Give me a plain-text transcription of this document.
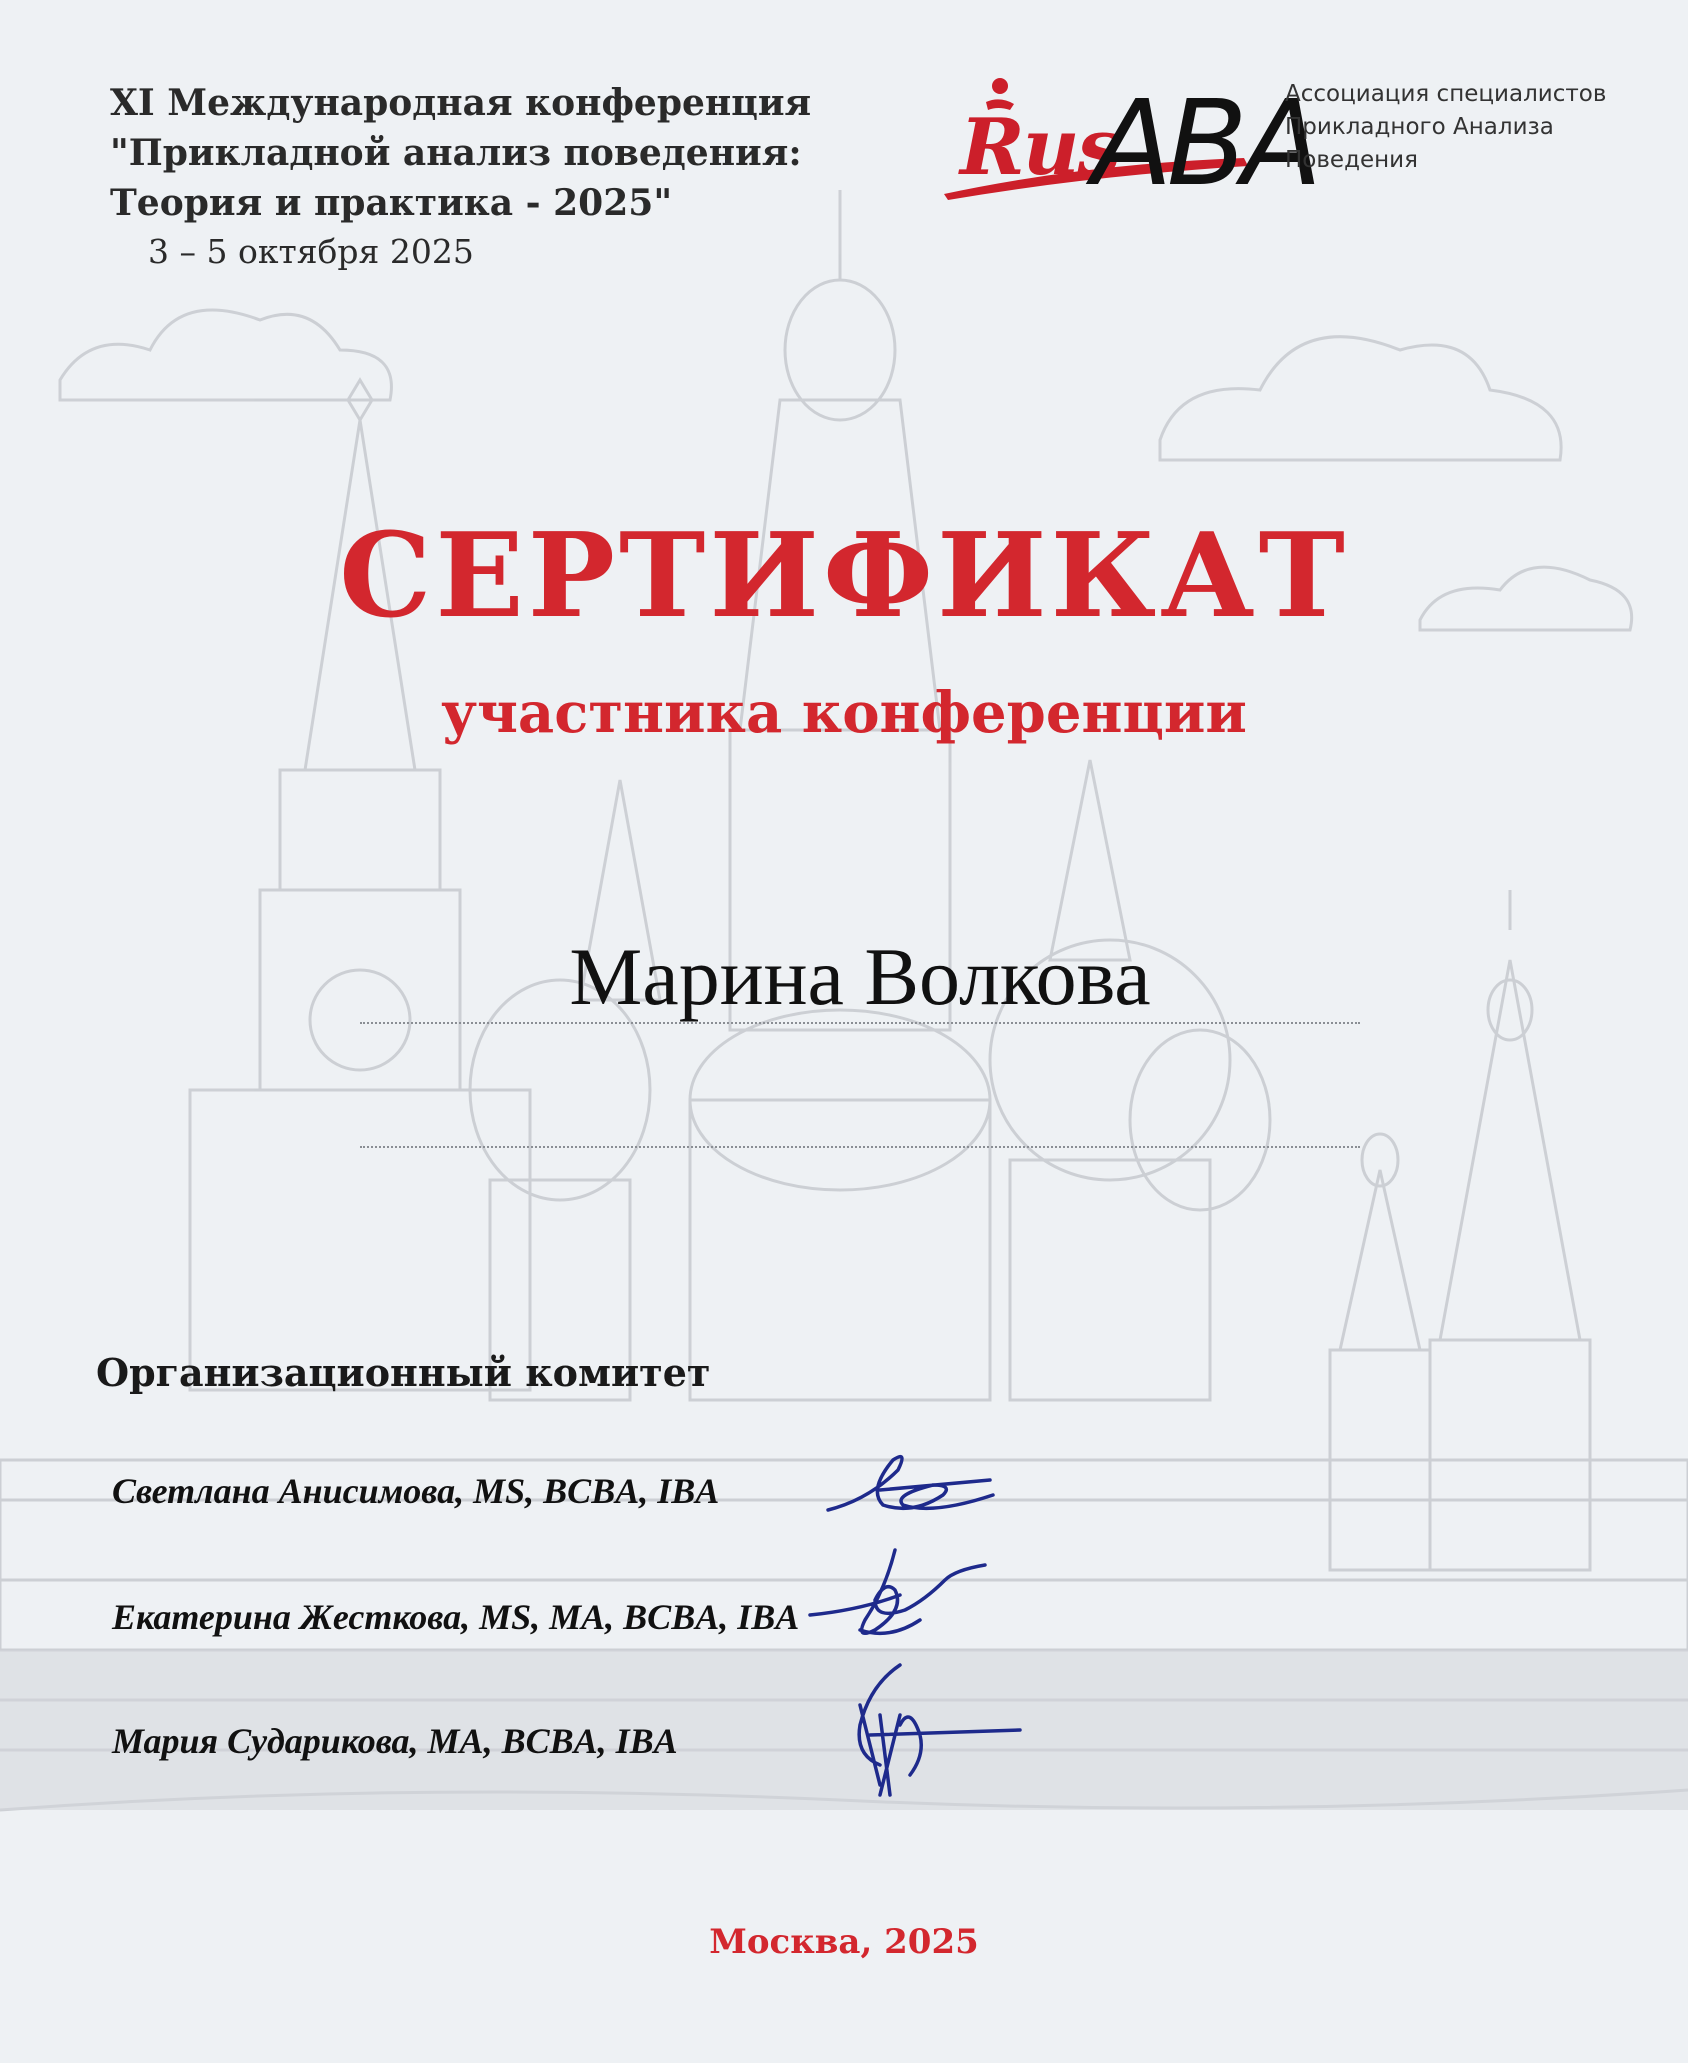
XI Международная конференция
"Прикладной анализ поведения:
Теория и практика - 2025"
3 – 5 октября 2025
Rus
ABA
Ассоциация специалистов
Прикладного Анализа
Поведения
СЕРТИФИКАТ
участника конференции
Марина Волкова
Организационный комитет
Светлана Анисимова, MS, BCBA, IBA
Екатерина Жесткова, MS, MA, BCBA, IBA
Мария Сударикова, MA, BCBA, IBA
Москва, 2025
